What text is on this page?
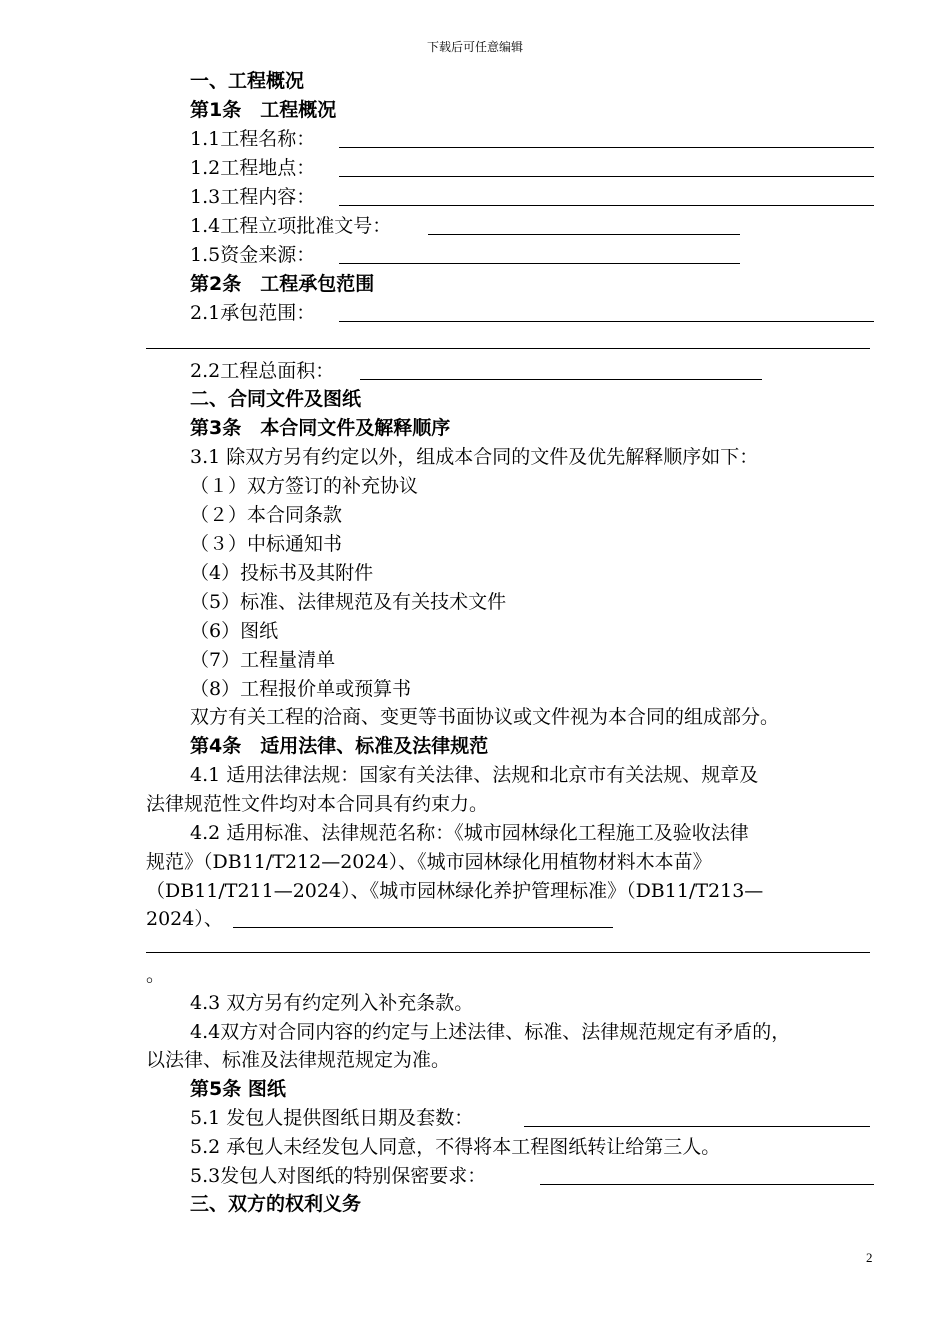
下载后可任意编辑
一、工程概况
第1条　工程概况
1.1工程名称：
1.2工程地点：
1.3工程内容：
1.4工程立项批准文号：
1.5资金来源：
第2条　工程承包范围
2.1承包范围：
2.2工程总面积：
二、合同文件及图纸
第3条　本合同文件及解释顺序
3.1 除双方另有约定以外，组成本合同的文件及优先解释顺序如下：
（１）双方签订的补充协议
（２）本合同条款
（３）中标通知书
（4）投标书及其附件
（5）标准、法律规范及有关技术文件
（6）图纸
（7）工程量清单
（8）工程报价单或预算书
双方有关工程的洽商、变更等书面协议或文件视为本合同的组成部分。
第4条　适用法律、标准及法律规范
4.1 适用法律法规：国家有关法律、法规和北京市有关法规、规章及
法律规范性文件均对本合同具有约束力。
4.2 适用标准、法律规范名称：《城市园林绿化工程施工及验收法律
规范》（DB11/T212—2024）、《城市园林绿化用植物材料木本苗》
（DB11/T211—2024）、《城市园林绿化养护管理标准》（DB11/T213—
2024）、
。
4.3 双方另有约定列入补充条款。
4.4双方对合同内容的约定与上述法律、标准、法律规范规定有矛盾的，
以法律、标准及法律规范规定为准。
第5条 图纸
5.1 发包人提供图纸日期及套数：
5.2 承包人未经发包人同意，不得将本工程图纸转让给第三人。
5.3发包人对图纸的特别保密要求：
三、双方的权利义务
2
